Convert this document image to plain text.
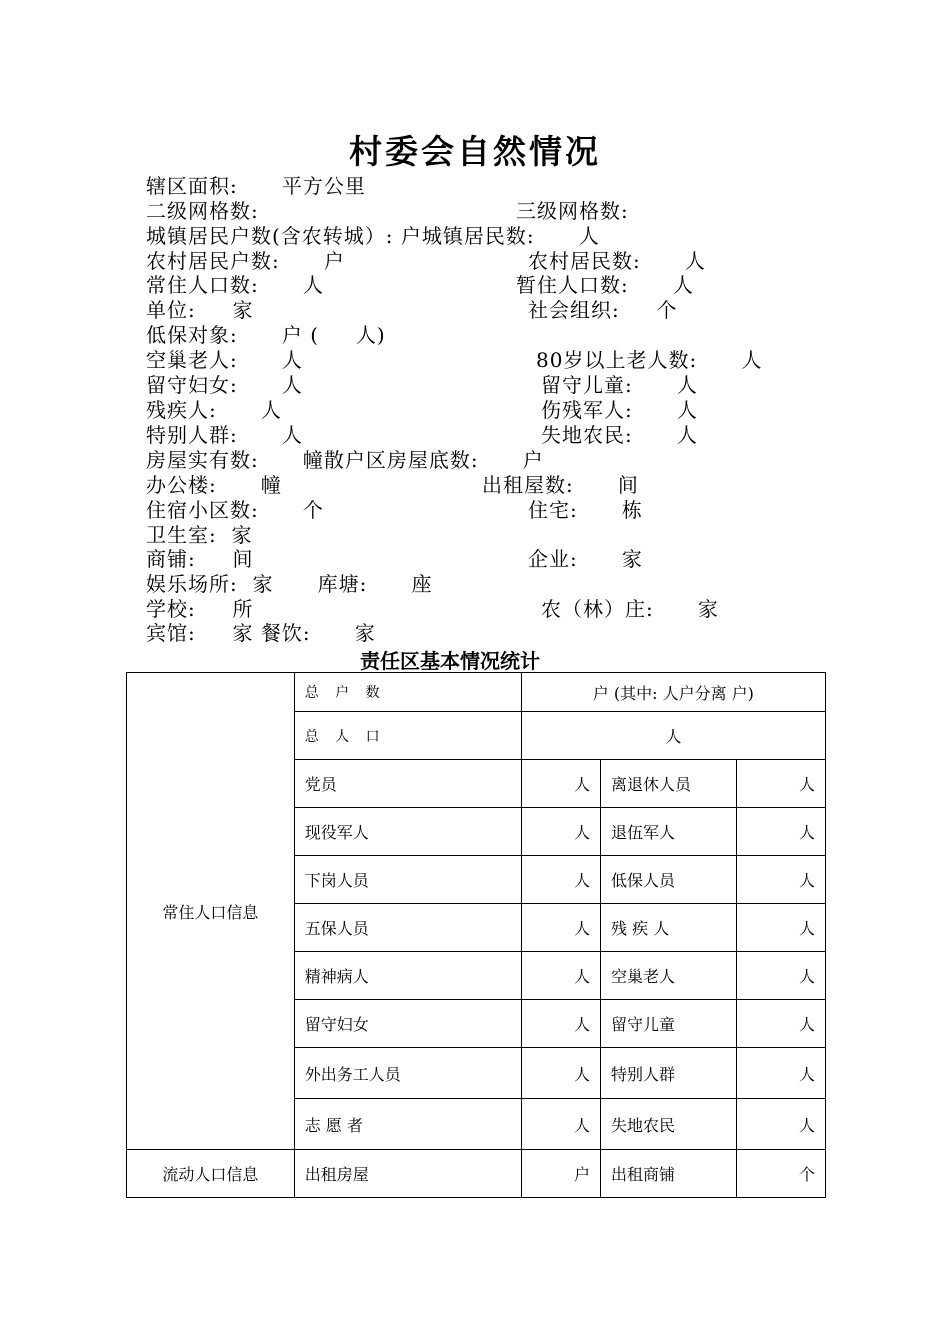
村委会自然情况
辖区面积:      平方公里
二级网格数:	三级网格数:
城镇居民户数(含农转城）: 户城镇居民数:      人
农村居民户数:      户	农村居民数:      人
常住人口数:      人	暂住人口数:      人
单位:     家	社会组织:     个
低保对象:      户 (     人)
空巢老人:      人	80岁以上老人数:      人
留守妇女:      人	留守儿童:      人
残疾人:      人	伤残军人:      人
特别人群:      人	失地农民:      人
房屋实有数:      幢散户区房屋底数:      户
办公楼:      幢	出租屋数:      间
住宿小区数:      个	住宅:      栋
卫生室:  家
商铺:     间	企业:      家
娱乐场所:  家      库塘:      座
学校:     所	农（林）庄:      家
宾馆:     家 餐饮:      家
责任区基本情况统计
常住人口信息	总 户 数	户 (其中: 人户分离 户)		
	总 人 口	人		
	党员	人	离退休人员	人
	现役军人	人	退伍军人	人
	下岗人员	人	低保人员	人
	五保人员	人	残 疾 人	人
	精神病人	人	空巢老人	人
	留守妇女	人	留守儿童	人
	外出务工人员	人	特别人群	人
	志 愿 者	人	失地农民	人
流动人口信息	出租房屋	户	出租商铺	个
